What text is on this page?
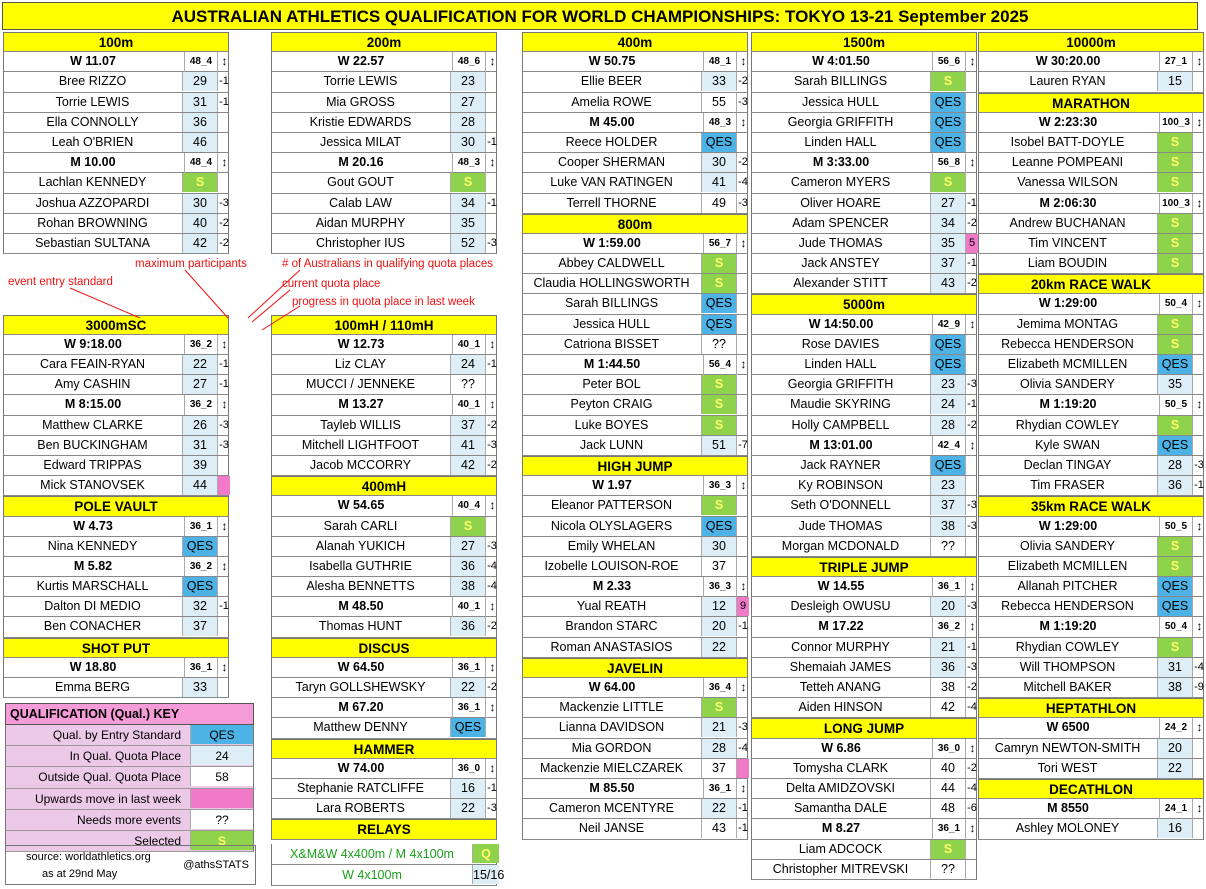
AUSTRALIAN ATHLETICS QUALIFICATION FOR WORLD CHAMPIONSHIPS: TOKYO 13-21 September 2025
100m
W 11.07	48_4 ↕
Bree RIZZO	29	-1
Torrie LEWIS	31	-1
Ella CONNOLLY	36
Leah O'BRIEN	46
M 10.00	48_4 ↕
Lachlan KENNEDY	S
Joshua AZZOPARDI	30	-3
Rohan BROWNING	40	-2
Sebastian SULTANA	42	-2
3000mSC
W 9:18.00	36_2 ↕
Cara FEAIN-RYAN	22	-1
Amy CASHIN	27	-1
M 8:15.00	36_2 ↕
Matthew CLARKE	26	-3
Ben BUCKINGHAM	31	-3
Edward TRIPPAS	39
Mick STANOVSEK	44
POLE VAULT
W 4.73	36_1 ↕
Nina KENNEDY	QES
M 5.82	36_2 ↕
Kurtis MARSCHALL	QES
Dalton DI MEDIO	32	-1
Ben CONACHER	37
SHOT PUT
W 18.80	36_1 ↕
Emma BERG	33
200m
W 22.57	48_6 ↕
Torrie LEWIS	23
Mia GROSS	27
Kristie EDWARDS	28
Jessica MILAT	30	-1
M 20.16	48_3 ↕
Gout GOUT	S
Calab LAW	34	-1
Aidan MURPHY	35
Christopher IUS	52	-3
100mH / 110mH
W 12.73	40_1 ↕
Liz CLAY	24	-1
MUCCI / JENNEKE	??
M 13.27	40_1 ↕
Tayleb WILLIS	37	-2
Mitchell LIGHTFOOT	41	-3
Jacob MCCORRY	42	-2
400mH
W 54.65	40_4 ↕
Sarah CARLI	S
Alanah YUKICH	27	-3
Isabella GUTHRIE	36	-4
Alesha BENNETTS	38	-4
M 48.50	40_1 ↕
Thomas HUNT	36	-2
DISCUS
W 64.50	36_1 ↕
Taryn GOLLSHEWSKY	22	-2
M 67.20	36_1 ↕
Matthew DENNY	QES
HAMMER
W 74.00	36_0 ↕
Stephanie RATCLIFFE	16	-1
Lara ROBERTS	22	-3
RELAYS
400m
W 50.75	48_1 ↕
Ellie BEER	33	-2
Amelia ROWE	55	-3
M 45.00	48_3 ↕
Reece HOLDER	QES
Cooper SHERMAN	30	-2
Luke VAN RATINGEN	41	-4
Terrell THORNE	49	-3
800m
W 1:59.00	56_7 ↕
Abbey CALDWELL	S
Claudia HOLLINGSWORTH	S
Sarah BILLINGS	QES
Jessica HULL	QES
Catriona BISSET	??
M 1:44.50	56_4 ↕
Peter BOL	S
Peyton CRAIG	S
Luke BOYES	S
Jack LUNN	51	-7
HIGH JUMP
W 1.97	36_3 ↕
Eleanor PATTERSON	S
Nicola OLYSLAGERS	QES
Emily WHELAN	30
Izobelle LOUISON-ROE	37
M 2.33	36_3 ↕
Yual REATH	12	9
Brandon STARC	20	-1
Roman ANASTASIOS	22
JAVELIN
W 64.00	36_4 ↕
Mackenzie LITTLE	S
Lianna DAVIDSON	21	-3
Mia GORDON	28	-4
Mackenzie MIELCZAREK	37
M 85.50	36_1 ↕
Cameron MCENTYRE	22	-1
Neil JANSE	43	-1
1500m
W 4:01.50	56_6 ↕
Sarah BILLINGS	S
Jessica HULL	QES
Georgia GRIFFITH	QES
Linden HALL	QES
M 3:33.00	56_8 ↕
Cameron MYERS	S
Oliver HOARE	27	-1
Adam SPENCER	34	-2
Jude THOMAS	35	5
Jack ANSTEY	37	-1
Alexander STITT	43	-2
5000m
W 14:50.00	42_9 ↕
Rose DAVIES	QES
Linden HALL	QES
Georgia GRIFFITH	23	-3
Maudie SKYRING	24	-1
Holly CAMPBELL	28	-2
M 13:01.00	42_4 ↕
Jack RAYNER	QES
Ky ROBINSON	23
Seth O'DONNELL	37	-3
Jude THOMAS	38	-3
Morgan MCDONALD	??
TRIPLE JUMP
W 14.55	36_1 ↕
Desleigh OWUSU	20	-3
M 17.22	36_2 ↕
Connor MURPHY	21	-1
Shemaiah JAMES	36	-3
Tetteh ANANG	38	-2
Aiden HINSON	42	-4
LONG JUMP
W 6.86	36_0 ↕
Tomysha CLARK	40	-2
Delta AMIDZOVSKI	44	-4
Samantha DALE	48	-6
M 8.27	36_1 ↕
Liam ADCOCK	S
Christopher MITREVSKI	??
10000m
W 30:20.00	27_1 ↕
Lauren RYAN	15
MARATHON
W 2:23:30	100_3 ↕
Isobel BATT-DOYLE	S
Leanne POMPEANI	S
Vanessa WILSON	S
M 2:06:30	100_3 ↕
Andrew BUCHANAN	S
Tim VINCENT	S
Liam BOUDIN	S
20km RACE WALK
W 1:29:00	50_4 ↕
Jemima MONTAG	S
Rebecca HENDERSON	S
Elizabeth MCMILLEN	QES
Olivia SANDERY	35
M 1:19:20	50_5 ↕
Rhydian COWLEY	S
Kyle SWAN	QES
Declan TINGAY	28	-3
Tim FRASER	36	-1
35km RACE WALK
W 1:29:00	50_5 ↕
Olivia SANDERY	S
Elizabeth MCMILLEN	S
Allanah PITCHER	QES
Rebecca HENDERSON	QES
M 1:19:20	50_4 ↕
Rhydian COWLEY	S
Will THOMPSON	31	-4
Mitchell BAKER	38	-9
HEPTATHLON
W 6500	24_2 ↕
Camryn NEWTON-SMITH	20
Tori WEST	22
DECATHLON
M 8550	24_1 ↕
Ashley MOLONEY	16
maximum participants	# of Australians in qualifying quota places
event entry standard	current quota place
progress in quota place in last week
QUALIFICATION (Qual.) KEY
Qual. by Entry Standard	QES
In Qual. Quota Place	24
Outside Qual. Quota Place	58
Upwards move in last week
Needs more events	??
Selected	S
source: worldathletics.org
as at 29nd May
@athsSTATS
X&M&W 4x400m / M 4x100m	Q
W 4x100m	15/16
